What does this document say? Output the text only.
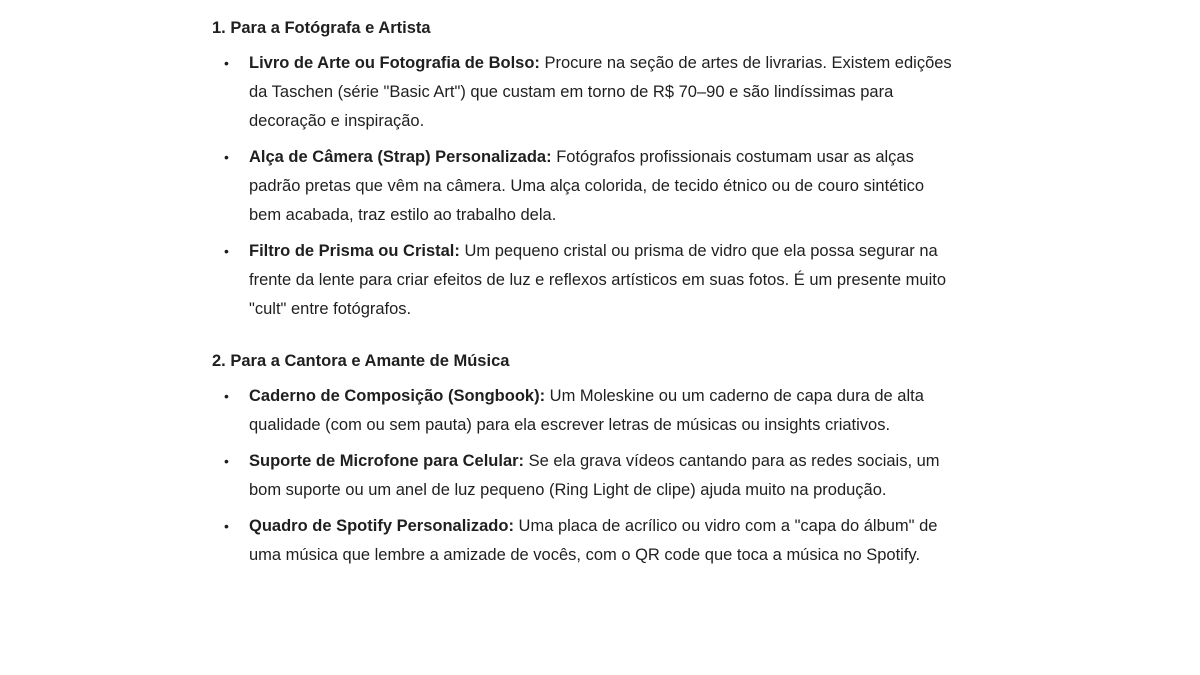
1. Para a Fotógrafa e Artista
• Livro de Arte ou Fotografia de Bolso: Procure na seção de artes de livrarias. Existem edições da Taschen (série "Basic Art") que custam em torno de R$ 70–90 e são lindíssimas para decoração e inspiração.
• Alça de Câmera (Strap) Personalizada: Fotógrafos profissionais costumam usar as alças padrão pretas que vêm na câmera. Uma alça colorida, de tecido étnico ou de couro sintético bem acabada, traz estilo ao trabalho dela.
• Filtro de Prisma ou Cristal: Um pequeno cristal ou prisma de vidro que ela possa segurar na frente da lente para criar efeitos de luz e reflexos artísticos em suas fotos. É um presente muito "cult" entre fotógrafos.
2. Para a Cantora e Amante de Música
• Caderno de Composição (Songbook): Um Moleskine ou um caderno de capa dura de alta qualidade (com ou sem pauta) para ela escrever letras de músicas ou insights criativos.
• Suporte de Microfone para Celular: Se ela grava vídeos cantando para as redes sociais, um bom suporte ou um anel de luz pequeno (Ring Light de clipe) ajuda muito na produção.
• Quadro de Spotify Personalizado: Uma placa de acrílico ou vidro com a "capa do álbum" de uma música que lembre a amizade de vocês, com o QR code que toca a música no Spotify.
